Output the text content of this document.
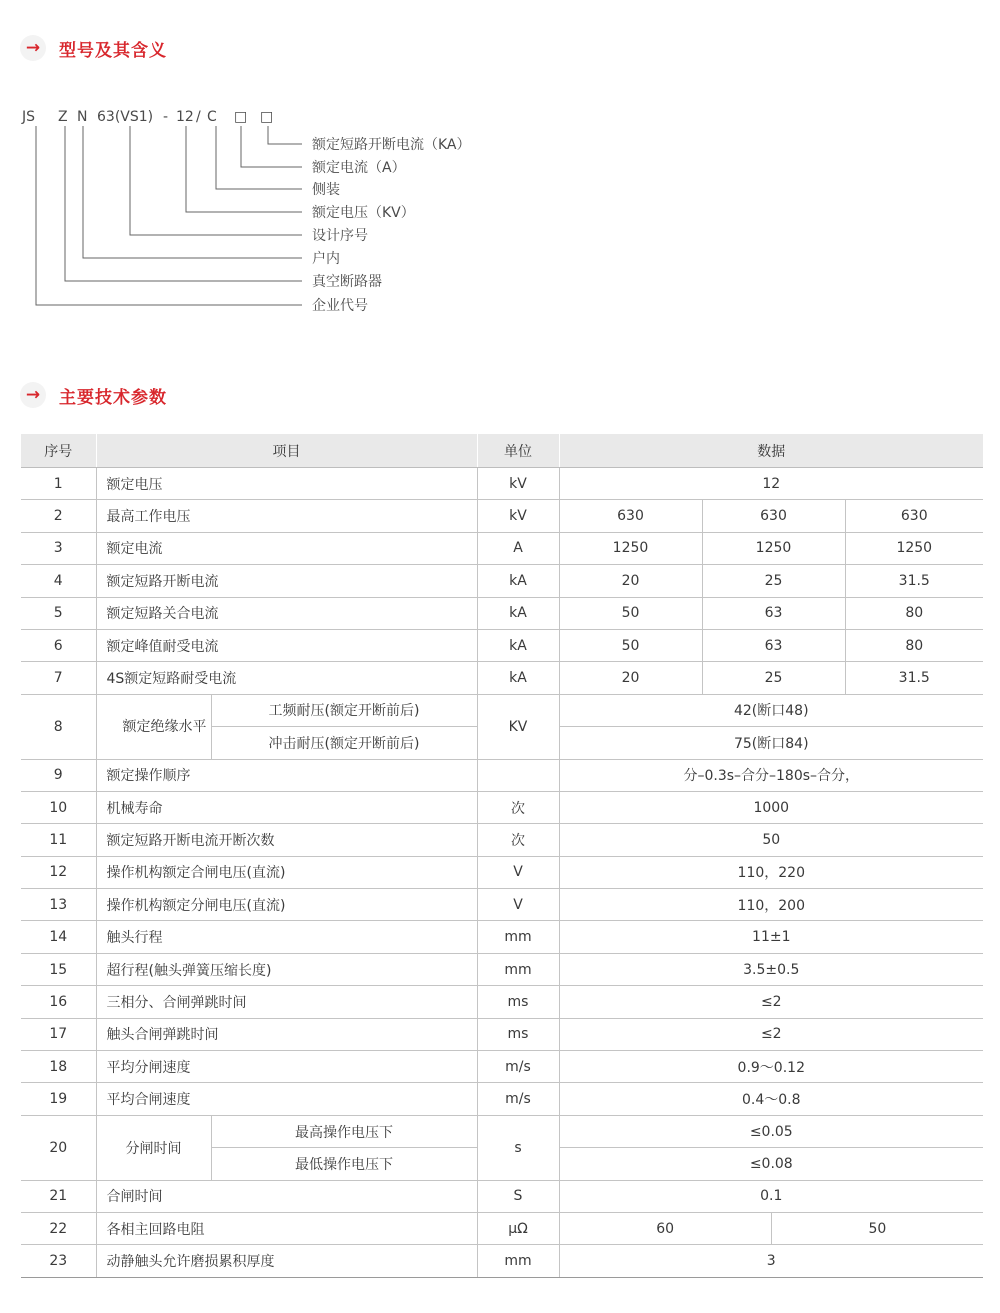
→	型号及其含义
JS Z N 63(VS1) - 12 / C □ □
额定短路开断电流（KA）
额定电流（A）
侧装
额定电压（KV）
设计序号
户内
真空断路器
企业代号
→	主要技术参数
序号	项目		单位	数据		
1	额定电压		kV	12		
2	最高工作电压		kV	630	630	630
3	额定电流		A	1250	1250	1250
4	额定短路开断电流		kA	20	25	31.5
5	额定短路关合电流		kA	50	63	80
6	额定峰值耐受电流		kA	50	63	80
7	4S额定短路耐受电流		kA	20	25	31.5
8	额定绝缘水平	工频耐压(额定开断前后)	KV	42(断口48)		
		冲击耐压(额定开断前后)		75(断口84)		
9	额定操作顺序			分–0.3s–合分–180s–合分，		
10	机械寿命		次	1000		
11	额定短路开断电流开断次数		次	50		
12	操作机构额定合闸电压(直流)		V	110，220		
13	操作机构额定分闸电压(直流)		V	110，200		
14	触头行程		mm	11±1		
15	超行程(触头弹簧压缩长度)		mm	3.5±0.5		
16	三相分、合闸弹跳时间		ms	≤2		
17	触头合闸弹跳时间		ms	≤2		
18	平均分闸速度		m/s	0.9～0.12		
19	平均合闸速度		m/s	0.4～0.8		
20	分闸时间	最高操作电压下	s	≤0.05		
		最低操作电压下		≤0.08		
21	合闸时间		S	0.1		
22	各相主回路电阻		μΩ	60 50		

23	动静触头允许磨损累积厚度		mm	3		
